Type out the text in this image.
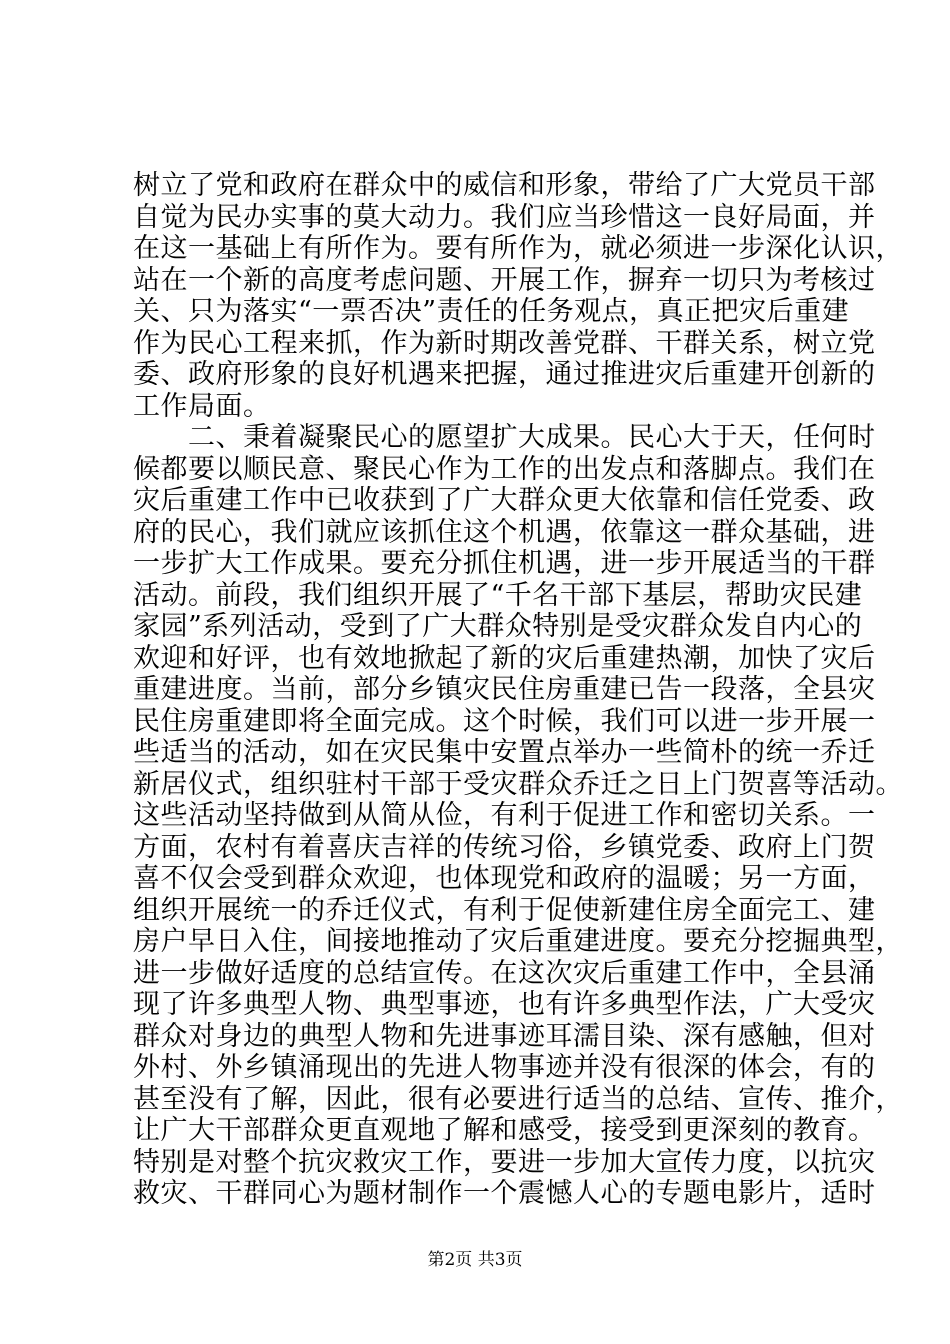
树立了党和政府在群众中的威信和形象，带给了广大党员干部
自觉为民办实事的莫大动力。我们应当珍惜这一良好局面，并
在这一基础上有所作为。要有所作为，就必须进一步深化认识，
站在一个新的高度考虑问题、开展工作，摒弃一切只为考核过
关、只为落实“一票否决”责任的任务观点，真正把灾后重建
作为民心工程来抓，作为新时期改善党群、干群关系，树立党
委、政府形象的良好机遇来把握，通过推进灾后重建开创新的
工作局面。
　　二、秉着凝聚民心的愿望扩大成果。民心大于天，任何时
候都要以顺民意、聚民心作为工作的出发点和落脚点。我们在
灾后重建工作中已收获到了广大群众更大依靠和信任党委、政
府的民心，我们就应该抓住这个机遇，依靠这一群众基础，进
一步扩大工作成果。要充分抓住机遇，进一步开展适当的干群
活动。前段，我们组织开展了“千名干部下基层，帮助灾民建
家园”系列活动，受到了广大群众特别是受灾群众发自内心的
欢迎和好评，也有效地掀起了新的灾后重建热潮，加快了灾后
重建进度。当前，部分乡镇灾民住房重建已告一段落，全县灾
民住房重建即将全面完成。这个时候，我们可以进一步开展一
些适当的活动，如在灾民集中安置点举办一些简朴的统一乔迁
新居仪式，组织驻村干部于受灾群众乔迁之日上门贺喜等活动。
这些活动坚持做到从简从俭，有利于促进工作和密切关系。一
方面，农村有着喜庆吉祥的传统习俗，乡镇党委、政府上门贺
喜不仅会受到群众欢迎，也体现党和政府的温暖；另一方面，
组织开展统一的乔迁仪式，有利于促使新建住房全面完工、建
房户早日入住，间接地推动了灾后重建进度。要充分挖掘典型，
进一步做好适度的总结宣传。在这次灾后重建工作中，全县涌
现了许多典型人物、典型事迹，也有许多典型作法，广大受灾
群众对身边的典型人物和先进事迹耳濡目染、深有感触，但对
外村、外乡镇涌现出的先进人物事迹并没有很深的体会，有的
甚至没有了解，因此，很有必要进行适当的总结、宣传、推介，
让广大干部群众更直观地了解和感受，接受到更深刻的教育。
特别是对整个抗灾救灾工作，要进一步加大宣传力度，以抗灾
救灾、干群同心为题材制作一个震憾人心的专题电影片，适时
第2页 共3页
